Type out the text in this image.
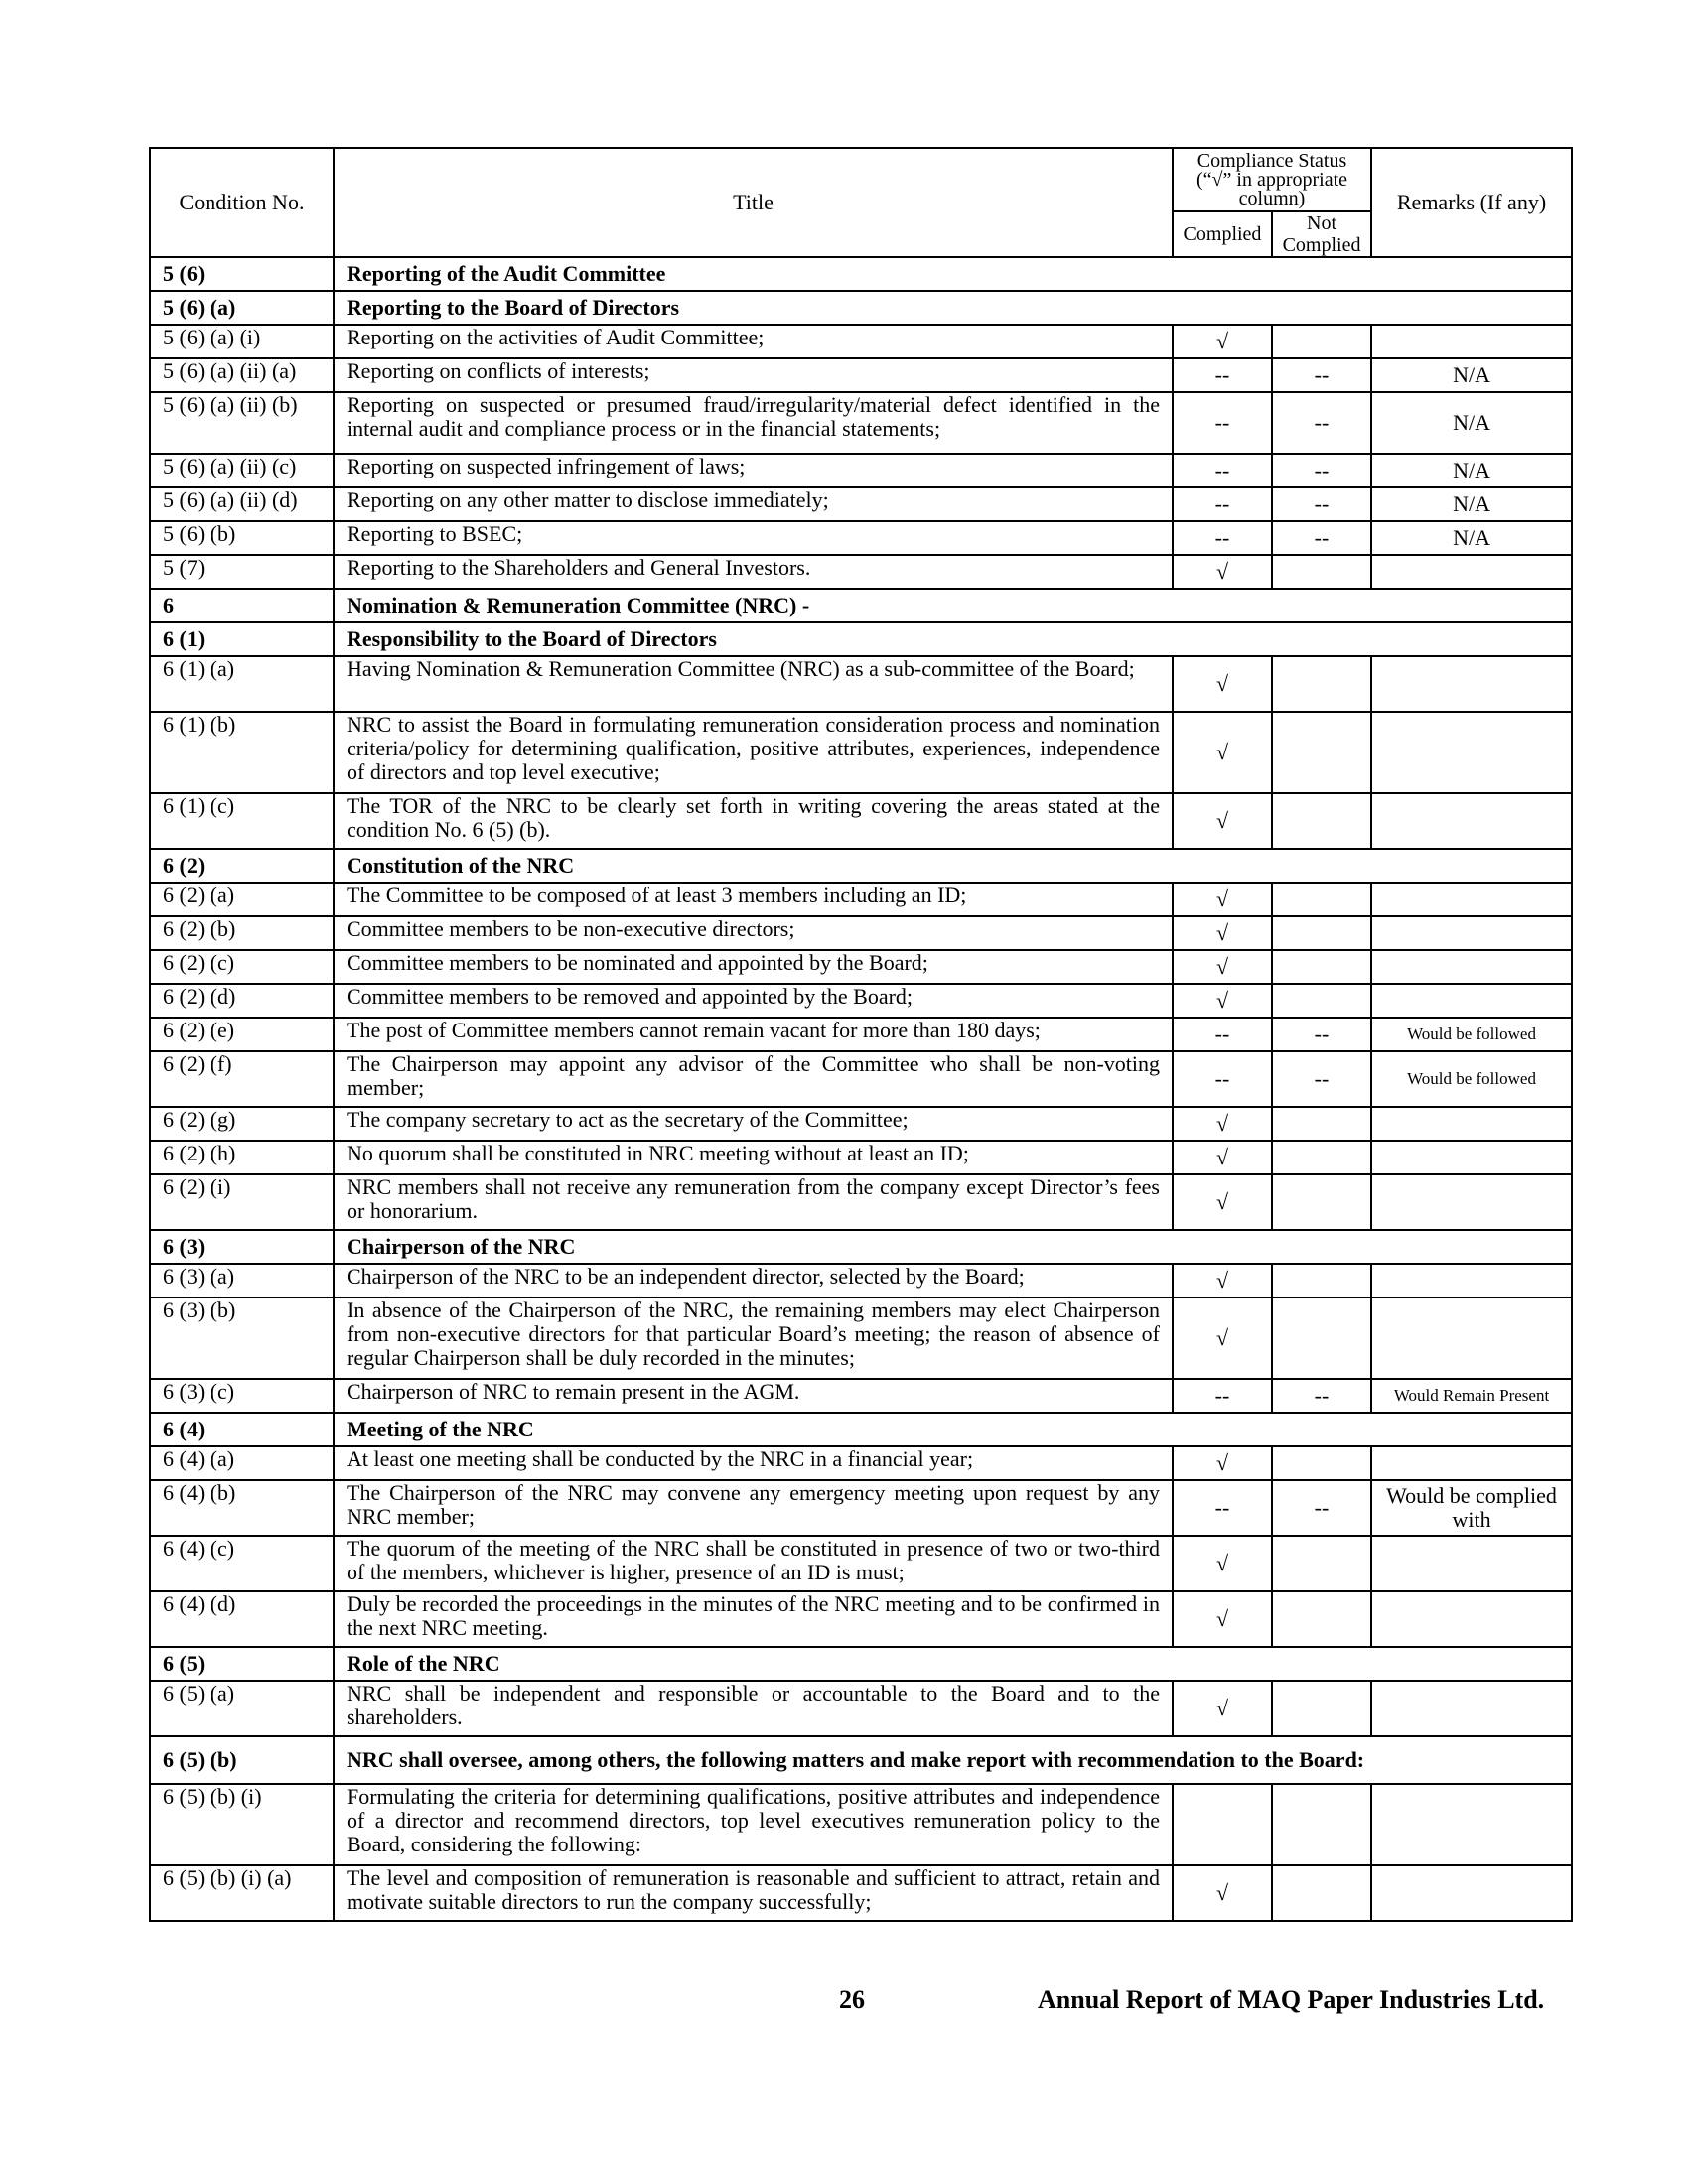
Condition No.	Title	Compliance Status (“√” in appropriate column)		Remarks (If any)
		Complied	Not Complied	
5 (6)	Reporting of the Audit Committee			
5 (6) (a)	Reporting to the Board of Directors			
5 (6) (a) (i)	Reporting on the activities of Audit Committee;	√		
5 (6) (a) (ii) (a)	Reporting on conflicts of interests;	--	--	N/A
5 (6) (a) (ii) (b)	Reporting on suspected or presumed fraud/irregularity/material defect identified in the internal audit and compliance process or in the financial statements;	--	--	N/A
5 (6) (a) (ii) (c)	Reporting on suspected infringement of laws;	--	--	N/A
5 (6) (a) (ii) (d)	Reporting on any other matter to disclose immediately;	--	--	N/A
5 (6) (b)	Reporting to BSEC;	--	--	N/A
5 (7)	Reporting to the Shareholders and General Investors.	√		
6	Nomination & Remuneration Committee (NRC) -			
6 (1)	Responsibility to the Board of Directors			
6 (1) (a)	Having Nomination & Remuneration Committee (NRC) as a sub-committee of the Board;	√		
6 (1) (b)	NRC to assist the Board in formulating remuneration consideration process and nomination criteria/policy for determining qualification, positive attributes, experiences, independence of directors and top level executive;	√		
6 (1) (c)	The TOR of the NRC to be clearly set forth in writing covering the areas stated at the condition No. 6 (5) (b).	√		
6 (2)	Constitution of the NRC			
6 (2) (a)	The Committee to be composed of at least 3 members including an ID;	√		
6 (2) (b)	Committee members to be non-executive directors;	√		
6 (2) (c)	Committee members to be nominated and appointed by the Board;	√		
6 (2) (d)	Committee members to be removed and appointed by the Board;	√		
6 (2) (e)	The post of Committee members cannot remain vacant for more than 180 days;	--	--	Would be followed
6 (2) (f)	The Chairperson may appoint any advisor of the Committee who shall be non-voting member;	--	--	Would be followed
6 (2) (g)	The company secretary to act as the secretary of the Committee;	√		
6 (2) (h)	No quorum shall be constituted in NRC meeting without at least an ID;	√		
6 (2) (i)	NRC members shall not receive any remuneration from the company except Director’s fees or honorarium.	√		
6 (3)	Chairperson of the NRC			
6 (3) (a)	Chairperson of the NRC to be an independent director, selected by the Board;	√		
6 (3) (b)	In absence of the Chairperson of the NRC, the remaining members may elect Chairperson from non-executive directors for that particular Board’s meeting; the reason of absence of regular Chairperson shall be duly recorded in the minutes;	√		
6 (3) (c)	Chairperson of NRC to remain present in the AGM.	--	--	Would Remain Present
6 (4)	Meeting of the NRC			
6 (4) (a)	At least one meeting shall be conducted by the NRC in a financial year;	√		
6 (4) (b)	The Chairperson of the NRC may convene any emergency meeting upon request by any NRC member;	--	--	Would be complied with
6 (4) (c)	The quorum of the meeting of the NRC shall be constituted in presence of two or two-third of the members, whichever is higher, presence of an ID is must;	√		
6 (4) (d)	Duly be recorded the proceedings in the minutes of the NRC meeting and to be confirmed in the next NRC meeting.	√		
6 (5)	Role of the NRC			
6 (5) (a)	NRC shall be independent and responsible or accountable to the Board and to the shareholders.	√		
6 (5) (b)	NRC shall oversee, among others, the following matters and make report with recommendation to the Board:			
6 (5) (b) (i)	Formulating the criteria for determining qualifications, positive attributes and independence of a director and recommend directors, top level executives remuneration policy to the Board, considering the following:			
6 (5) (b) (i) (a)	The level and composition of remuneration is reasonable and sufficient to attract, retain and motivate suitable directors to run the company successfully;	√		
26	Annual Report of MAQ Paper Industries Ltd.
